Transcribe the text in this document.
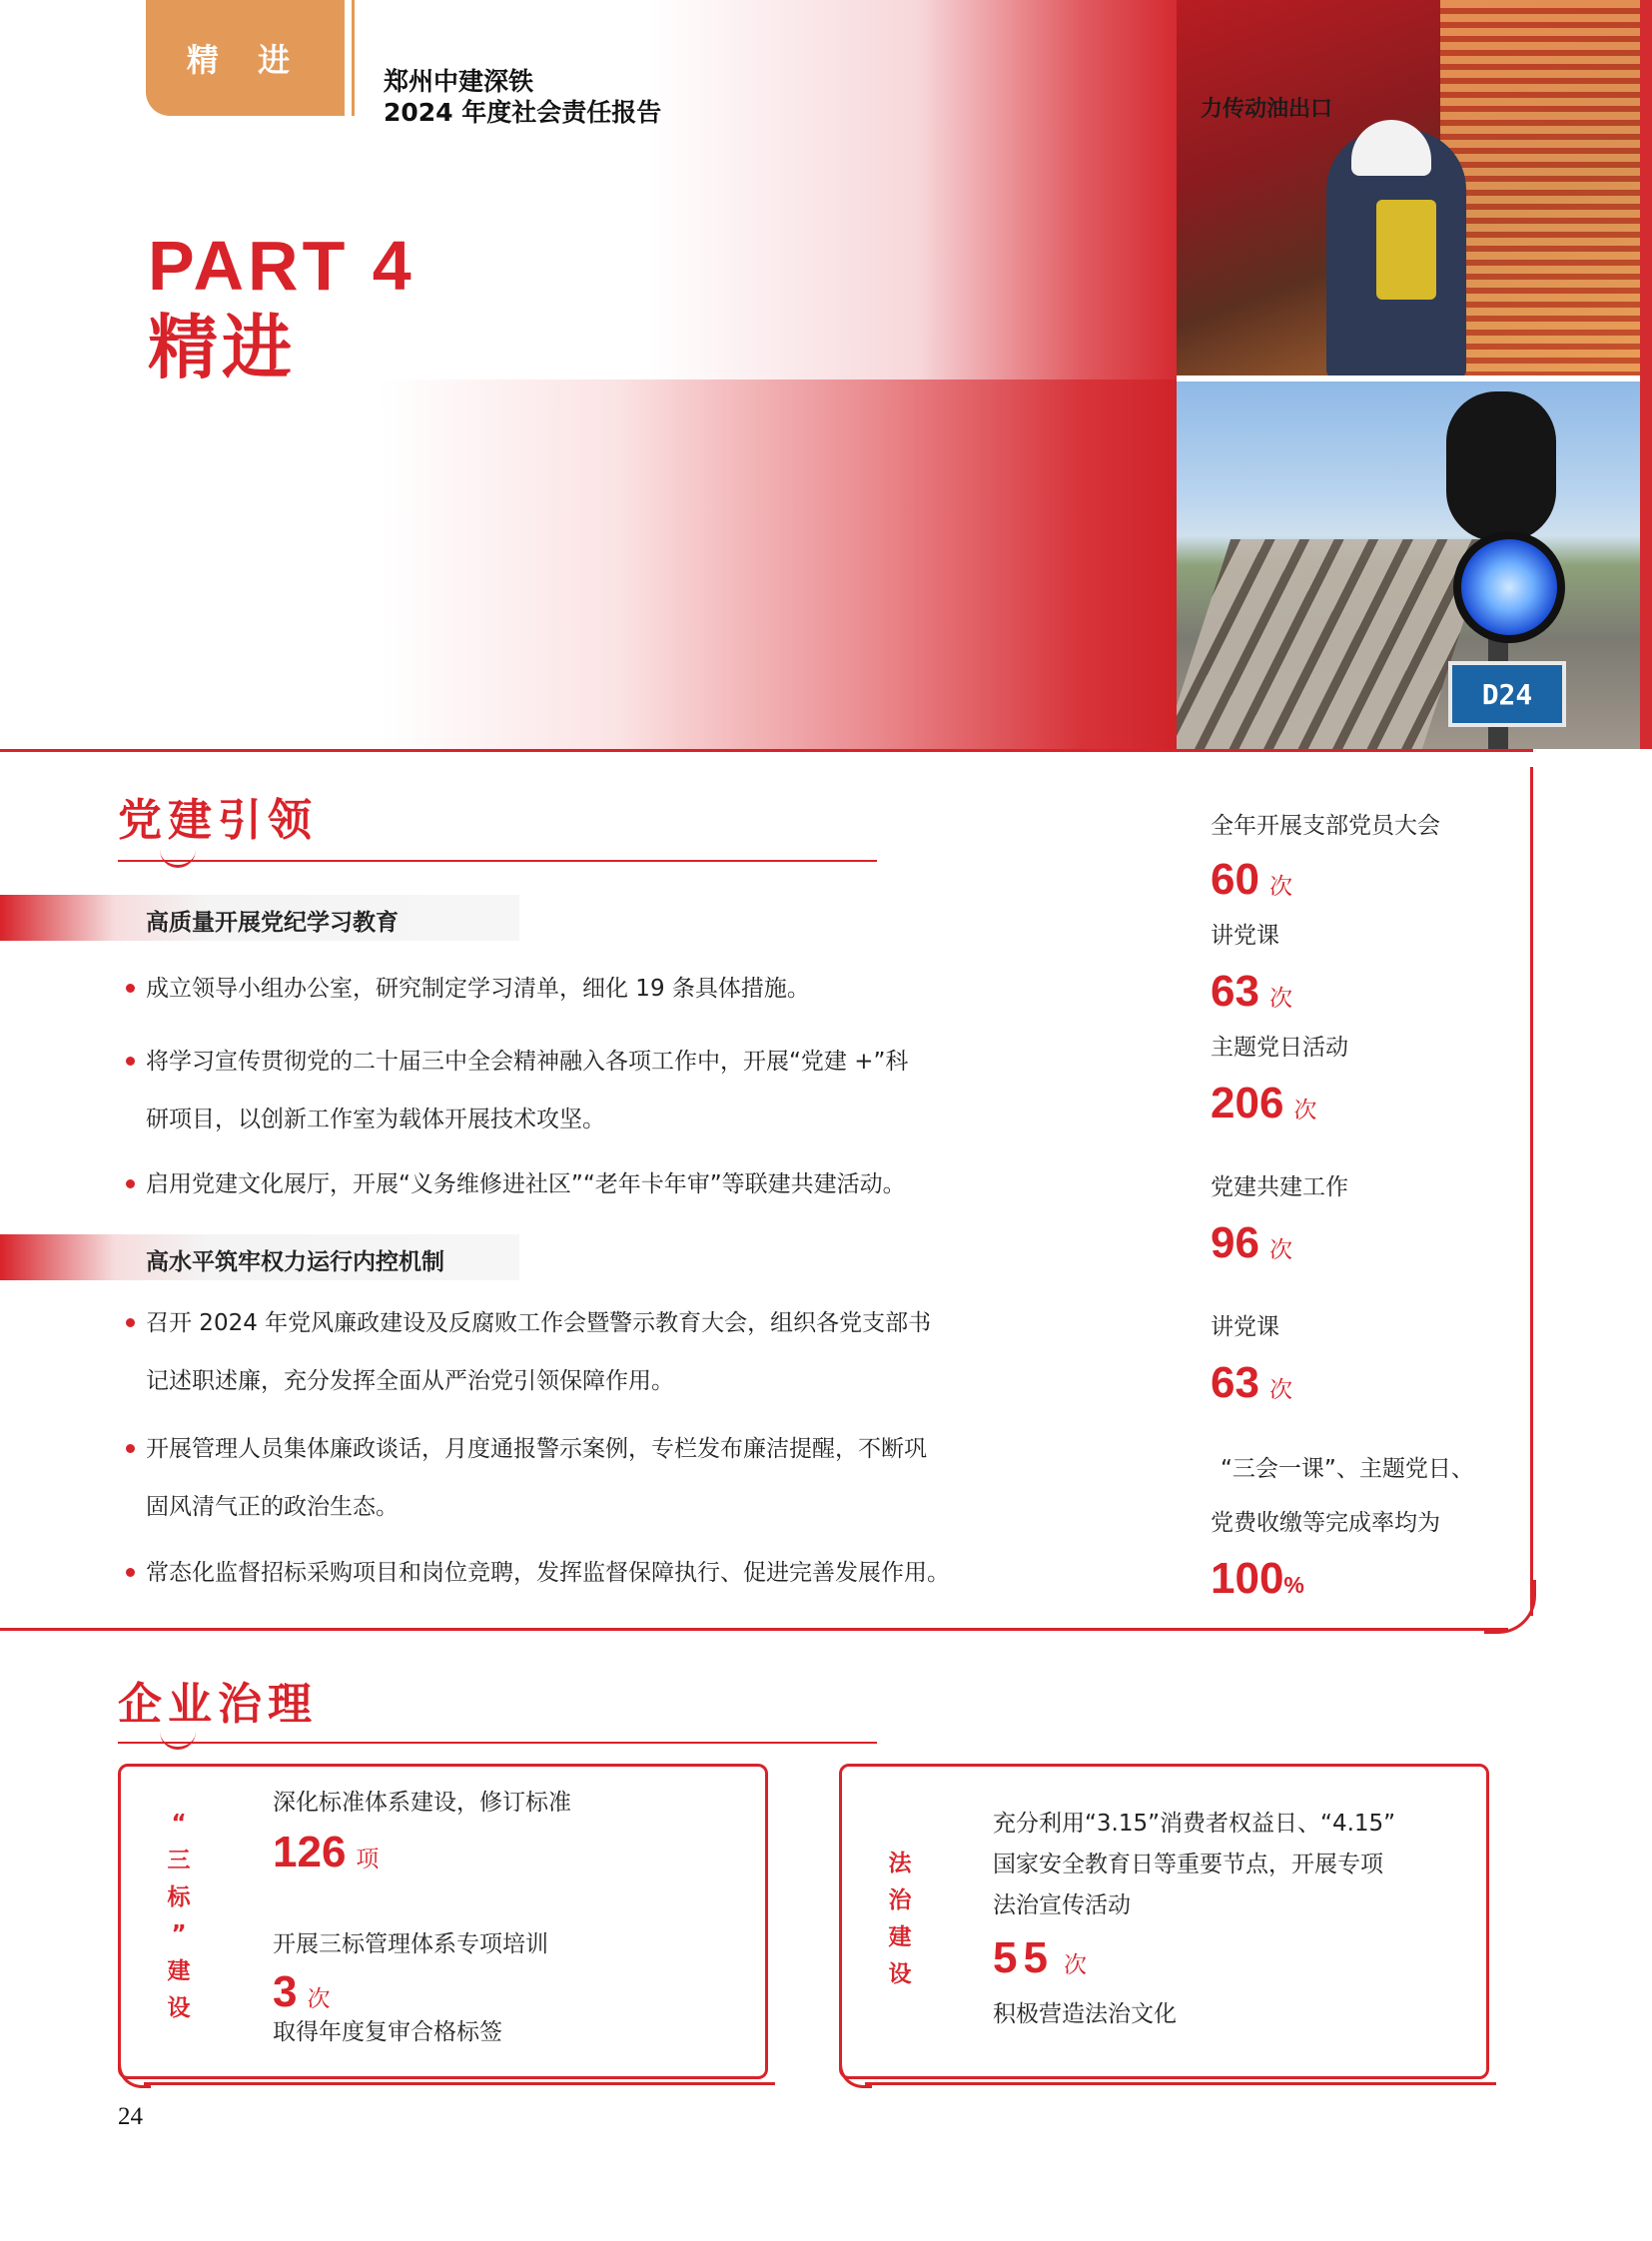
精 进
郑州中建深铁
2024 年度社会责任报告
PART 4
精进
力传动油出口
D24
党建引领
高质量开展党纪学习教育
成立领导小组办公室，研究制定学习清单，细化 19 条具体措施。
将学习宣传贯彻党的二十届三中全会精神融入各项工作中，开展“党建 +”科
研项目，以创新工作室为载体开展技术攻坚。
启用党建文化展厅，开展“义务维修进社区”“老年卡年审”等联建共建活动。
高水平筑牢权力运行内控机制
召开 2024 年党风廉政建设及反腐败工作会暨警示教育大会，组织各党支部书
记述职述廉，充分发挥全面从严治党引领保障作用。
开展管理人员集体廉政谈话，月度通报警示案例，专栏发布廉洁提醒，不断巩
固风清气正的政治生态。
常态化监督招标采购项目和岗位竞聘，发挥监督保障执行、促进完善发展作用。
全年开展支部党员大会
60 次
讲党课
63 次
主题党日活动
206 次
党建共建工作
96 次
讲党课
63 次
“三会一课”、主题党日、
党费收缴等完成率均为
100%
企业治理
“
三
标
”
建
设
深化标准体系建设，修订标准
126 项
开展三标管理体系专项培训
3 次
取得年度复审合格标签
法
治
建
设
充分利用“3.15”消费者权益日、“4.15”
国家安全教育日等重要节点，开展专项
法治宣传活动
55 次
积极营造法治文化
24
